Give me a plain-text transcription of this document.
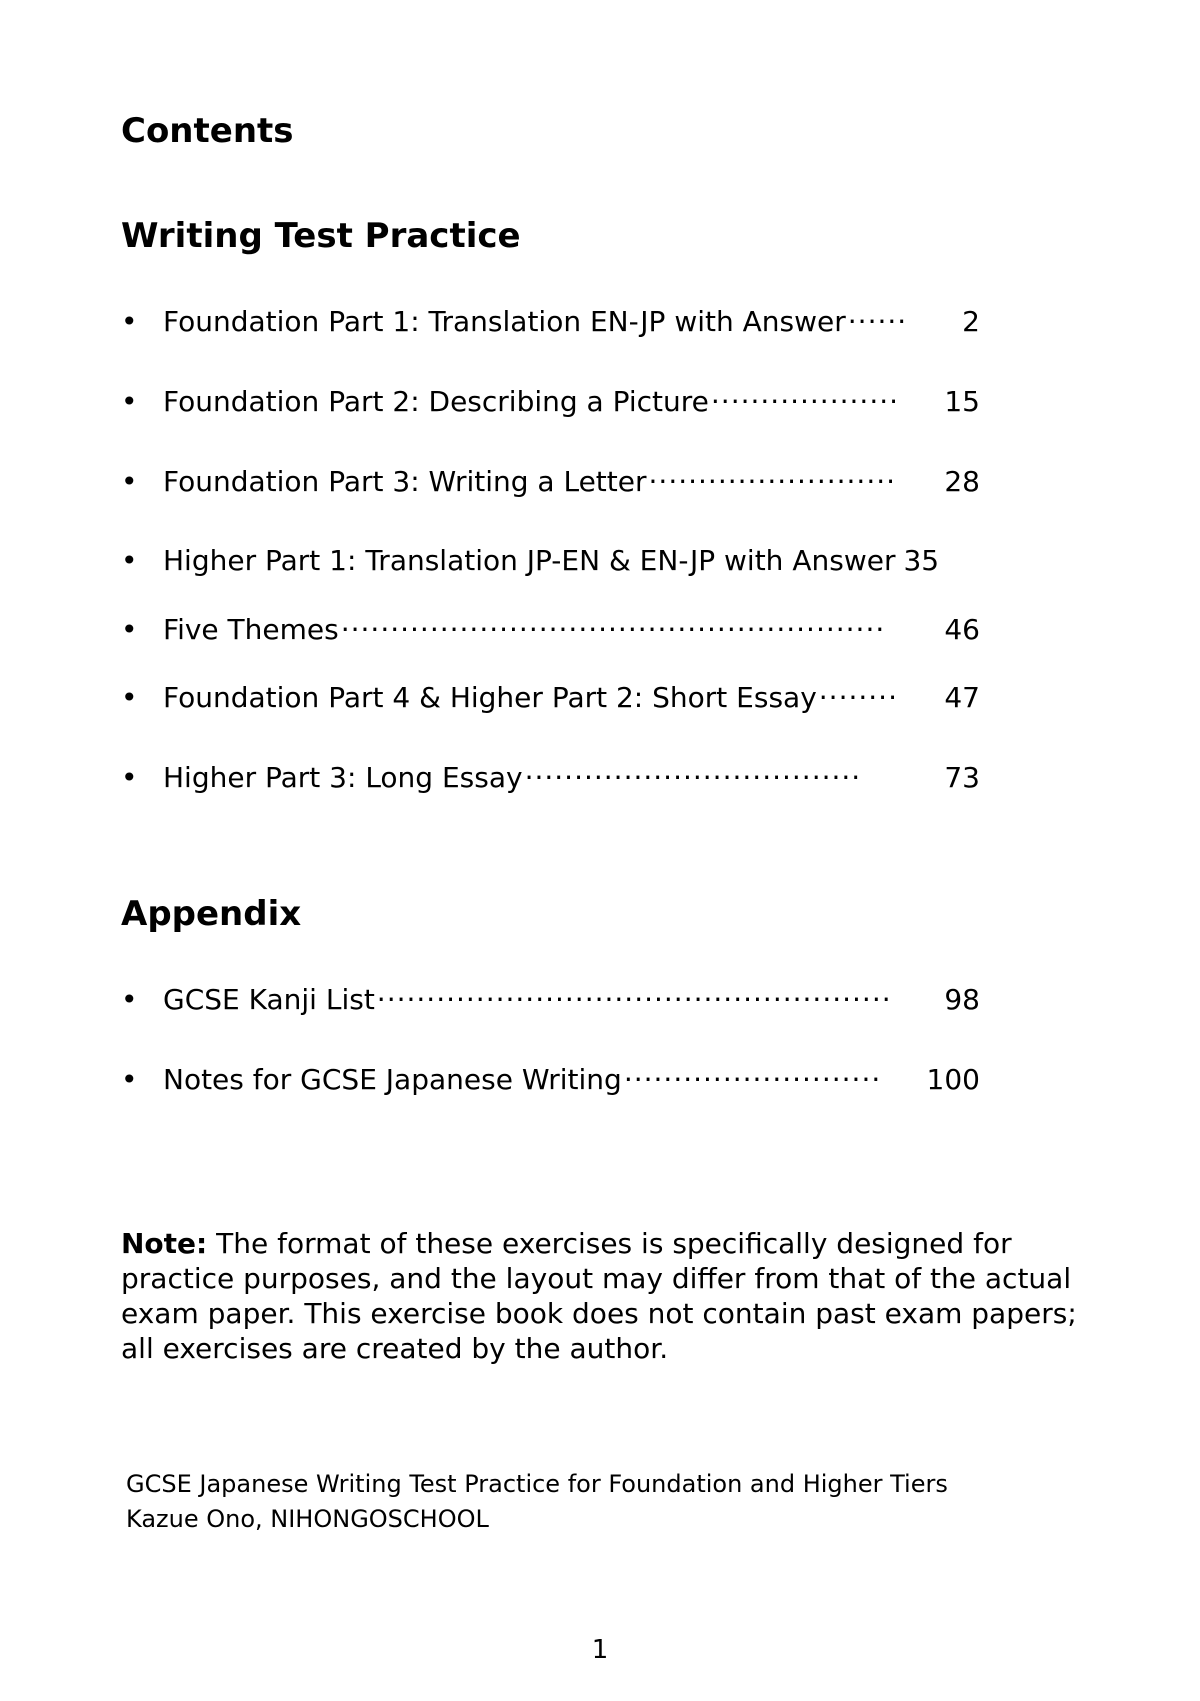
Contents
Writing Test Practice
• Foundation Part 1: Translation EN-JP with Answer ······	2
• Foundation Part 2: Describing a Picture ···················	15
• Foundation Part 3: Writing a Letter ·························	28
• Higher Part 1: Translation JP-EN & EN-JP with Answer 35
• Five Themes ·······················································	46
• Foundation Part 4 & Higher Part 2: Short Essay ········	47
• Higher Part 3: Long Essay ··································	73
Appendix
• GCSE Kanji List ····················································	98
• Notes for GCSE Japanese Writing ··························	100

Note: The format of these exercises is specifically designed for practice purposes, and the layout may differ from that of the actual exam paper. This exercise book does not contain past exam papers; all exercises are created by the author.

GCSE Japanese Writing Test Practice for Foundation and Higher Tiers
Kazue Ono, NIHONGOSCHOOL
1
